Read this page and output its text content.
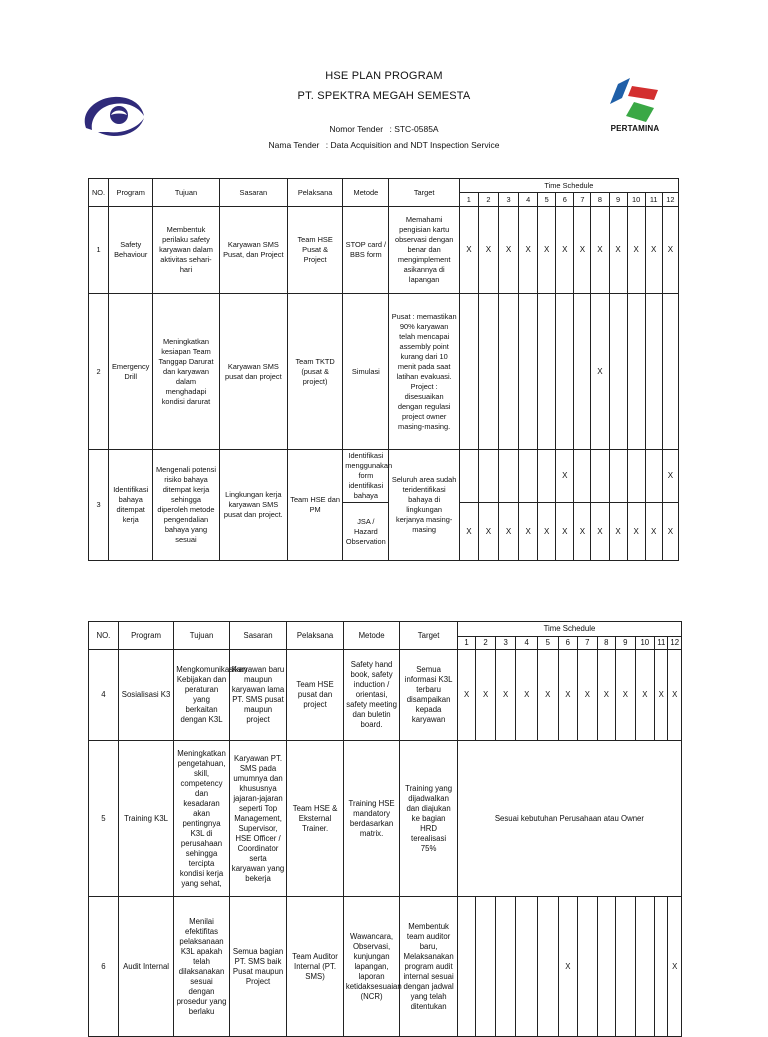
HSE PLAN PROGRAM
PT. SPEKTRA MEGAH SEMESTA
Nomor Tender : STC-0585A
Nama Tender : Data Acquisition and NDT Inspection Service
PERTAMINA
NO.	Program	Tujuan	Sasaran	Pelaksana	Metode	Target	Time Schedule											
							1	2	3	4	5	6	7	8	9	10	11	12
1	Safety Behaviour	Membentuk perilaku safety karyawan dalam aktivitas sehari-hari	Karyawan SMS Pusat, dan Project	Team HSE Pusat & Project	STOP card / BBS form	Memahami pengisian kartu observasi dengan benar dan mengimplement asikannya di lapangan	X	X	X	X	X	X	X	X	X	X	X	X
2	Emergency Drill	Meningkatkan kesiapan Team Tanggap Darurat dan karyawan dalam menghadapi kondisi darurat	Karyawan SMS pusat dan project	Team TKTD (pusat & project)	Simulasi	Pusat : memastikan 90% karyawan telah mencapai assembly point kurang dari 10 menit pada saat latihan evakuasi. Project : disesuaikan dengan regulasi project owner masing-masing.								X				
3	Identifikasi bahaya ditempat kerja	Mengenali potensi risiko bahaya ditempat kerja sehingga diperoleh metode pengendalian bahaya yang sesuai	Lingkungan kerja karyawan SMS pusat dan project.	Team HSE dan PM	Identifikasi menggunakan form identifikasi bahaya	Seluruh area sudah teridentifikasi bahaya di lingkungan kerjanya masing-masing						X						X
					JSA / Hazard Observation		X	X	X	X	X	X	X	X	X	X	X	X
NO.	Program	Tujuan	Sasaran	Pelaksana	Metode	Target	Time Schedule											
							1	2	3	4	5	6	7	8	9	10	11	12
4	Sosialisasi K3	Mengkomunikasikan Kebijakan dan peraturan yang berkaitan dengan K3L	Karyawan baru maupun karyawan lama PT. SMS pusat maupun project	Team HSE pusat dan project	Safety hand book, safety induction / orientasi, safety meeting dan buletin board.	Semua informasi K3L terbaru disampaikan kepada karyawan	X	X	X	X	X	X	X	X	X	X	X	X
5	Training K3L	Meningkatkan pengetahuan, skill, competency dan kesadaran akan pentingnya K3L di perusahaan sehingga tercipta kondisi kerja yang sehat,	Karyawan PT. SMS pada umumnya dan khususnya jajaran-jajaran seperti Top Management, Supervisor, HSE Officer / Coordinator serta karyawan yang bekerja	Team HSE & Eksternal Trainer.	Training HSE mandatory berdasarkan matrix.	Training yang dijadwalkan dan diajukan ke bagian HRD terealisasi 75%	Sesuai kebutuhan Perusahaan atau Owner											
6	Audit Internal	Menilai efektifitas pelaksanaan K3L apakah telah dilaksanakan sesuai dengan prosedur yang berlaku	Semua bagian PT. SMS baik Pusat maupun Project	Team Auditor Internal (PT. SMS)	Wawancara, Observasi, kunjungan lapangan, laporan ketidaksesuaian (NCR)	Membentuk team auditor baru, Melaksanakan program audit internal sesuai dengan jadwal yang telah ditentukan						X						X
